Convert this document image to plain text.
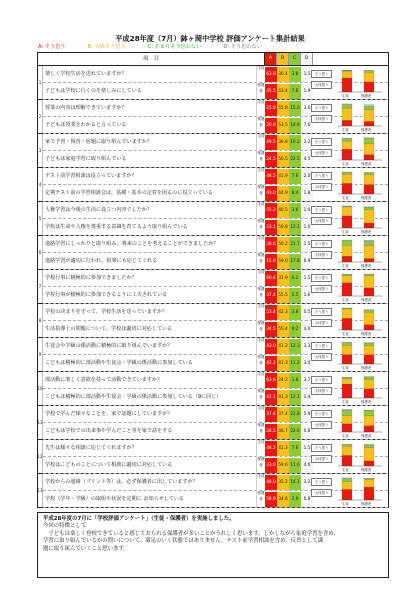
平成28年度（7月）鉢ヶ岡中学校 評価アンケート集計結果
A: そう思う	B: 大体そう思う	C: あまりそう思わない	D: そう思わない
項　目	A	B	C	D
1
楽しく学校生活を送れていますか？
生徒
63.8 30.4 3.8	1.5
子どもは学校に行くのを楽しみにしている
保護者 45.5 43.4 7.8	1.9
そう思う
大体思う
生徒	保護者
2
授業の内容は理解できていますか？
生徒
25.9 55.8 15.0 3.6
子どもは授業をわかると言っている
保護者 20.8 53.5 14.9 7.6
そう思う
大体思う
生徒	保護者
3
家で予習・復習・宿題に取り組んでいますか？
生徒
49.5 36.8 10.2 3.2
子どもは家庭学習に取り組んでいる
保護者 24.5 50.5 22.5 4.5
そう思う
大体思う
生徒	保護者
4
テスト前学習相談は役立っていますか？
生徒
48.5 41.9 7.6	2.0
定期テスト前の学習相談会は、基礎・基本の定着を図るのに役立っている
保護者 43.0 44.9 8.4	1.8
そう思う
大体思う
生徒	保護者
5
人権学習は今後の生活に役立つ内容でしたか？
生徒
55.2 40.5 3.6	1.0
学校は生命や人権を尊重する意識を育てるよう取り組んでいる
保護者 23.1 59.8 12.1 1.0
そう思う
大体思う
生徒	保護者
6
進路学習にしっかりと取り組み、将来のことを考えることができましたか？
生徒
26.6 50.2 21.7 1.5
進路学習が適切に行われ、指導にも応じてくれる
保護者 15.8 59.0 17.8 6.9
そう思う
大体思う
生徒	保護者
7
学校行事に積極的に参加できましたか？
生徒
60.4 31.9 6.2	1.5
学校行事が積極的に参加できるように工夫されている
保護者 37.4 55.5 5.5	1.6
そう思う
大体思う
生徒	保護者
8
学校の決まりを守って、学校生活を送っていますか？
生徒
53.4 42.3 3.8	0.5
生活指導上の問題について、学校は適切に対応している
保護者 24.5 55.4 9.2	4.0
そう思う
大体思う
生徒	保護者
9
生徒会や学級の係活動に積極的に取り組んでいますか？
生徒
43.0 41.2 12.3 3.3
こどもは積極的に部活動や生徒会・学級の係活動に参加している
保護者 42.1 41.3 11.2 3.0
そう思う
大体思う
生徒	保護者
10
部活動に楽しく意欲を持って活動できていますか？
生徒
63.6 24.2 3.8	3.7
こどもは積極的に部活動や生徒会・学級の係活動に参加している（9に同じ）
保護者 42.1 41.3 12.1 1.4
そう思う
大体思う
生徒	保護者
11
学校で学んだ様々なことを、家で話題にしていますか？
生徒
37.4 37.4 22.8 5.9
こどもは学校での出来事や学んだこと等を家で話をする
保護者 28.5 46.7 22.6 0.8
そう思う
大体思う
生徒	保護者
12
先生は様々な相談に応じてくれますか？
生徒
48.2 41.3 7.6	1.5
学校はこどものことについて相談に適切に対応している
保護者 23.0 59.6 11.6 4.6
そう思う
大体思う
生徒	保護者
13
学校からの連絡（プリント等）は、必ず保護者に出していますか？
生徒
48.0 35.2 14.1 3.2
学校（学年・学級）の取組や状況を定期に お知らせしている
保護者 58.9 34.6 3.9	0.8
そう思う
大体思う
生徒	保護者
平成28年度の7月に「学校評価アンケート」（生徒・保護者）を実施しました。
今回の特徴として
　子どもは楽しく登校できていると感じておられる保護者が多いことがうれしく思います。しかしながら家庭学習を含め、
学習に取り組んでいるかの問いについて、満足のいく状態ではありません。テスト前学習相談を含め、反省として課
題に取り組んでいくこと思います。
